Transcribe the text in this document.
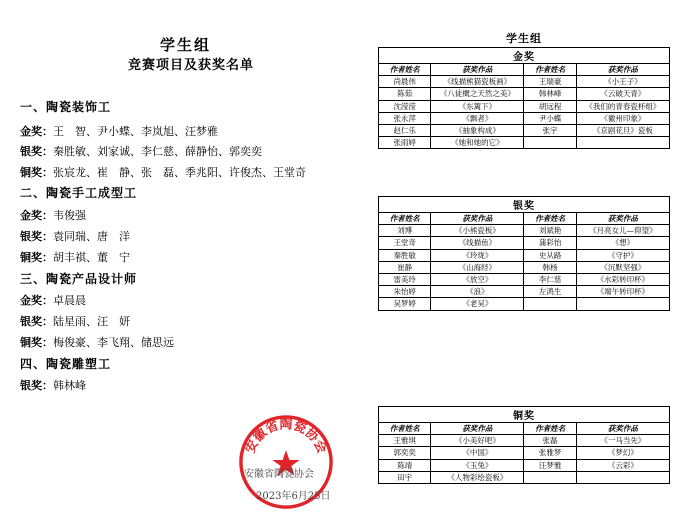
学生组
竞赛项目及获奖名单
一、陶瓷装饰工
金奖：王　智、尹小蝶、李岚旭、汪梦雅
银奖：秦胜敏、刘家诚、李仁慈、薛静怡、郭奕奕
铜奖：张宸龙、崔　静、张　磊、季兆阳、许俊杰、王堂奇
二、陶瓷手工成型工
金奖：韦俊强
银奖：袁同瑞、唐　洋
铜奖：胡丰祺、董　宁
三、陶瓷产品设计师
金奖：卓晨晨
银奖：陆星雨、汪　妍
铜奖：梅俊豪、李飞翔、储思远
四、陶瓷雕塑工
银奖：韩林峰
学生组
金奖			
作者姓名	获奖作品	作者姓名	获奖作品
尚晨伟	《线描熊猫瓷板画》	王瑞豪	《小王子》
陈茹	《八徒概之天然之美》	韩林峰	《云破天青》
沈滢滢	《东篱下》	胡远程	《我们的青春瓷杯组》
张永萍	《飘者》	尹小蝶	《徽州印象》
赵仁乐	《抽象构成》	张宇	《京剧花旦》瓷板
张雨婷	《她和她的它》		
银奖			
作者姓名	获奖作品	作者姓名	获奖作品
刘博	《小熊瓷板》	刘斌艳	《月亮女儿—仰望》
王堂奇	《线描鱼》	蒲彩怡	《想》
秦胜敏	《玲珑》	史从路	《守护》
崔静	《山海经》	韩杨	《沉默坚强》
雷美玲	《放空》	李仁慈	《水彩转印杯》
朱怡婷	《浪》	左鸿生	《端午转印杯》
吴梦婷	《老吴》		
铜奖			
作者姓名	获奖作品	作者姓名	获奖作品
王雅琪	《小美好吧》	张磊	《一马当先》
郭奕奕	《中国》	张雅梦	《梦幻》
陈靖	《玉兔》	汪梦雅	《云彩》
田宇	《人物彩绘瓷板》		
安徽省陶瓷协会
安徽省陶瓷协会
2023年6月25日
